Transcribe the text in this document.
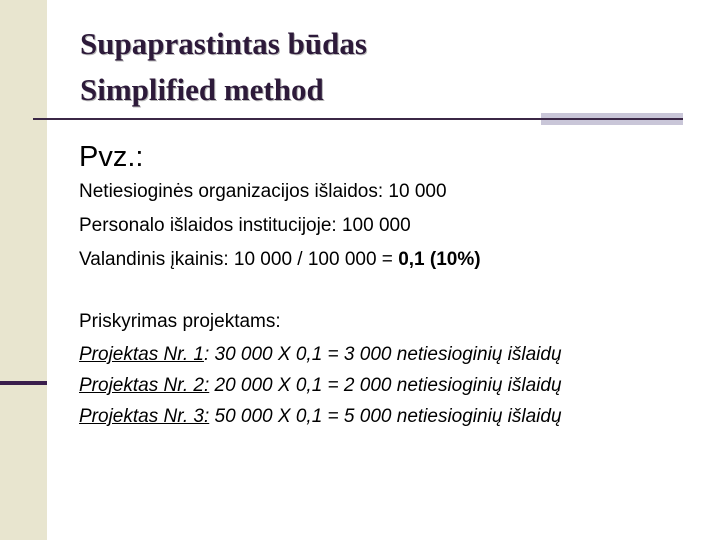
Supaprastintas būdas
Simplified method
Pvz.:
Netiesioginės organizacijos išlaidos: 10 000
Personalo išlaidos institucijoje: 100 000
Valandinis įkainis: 10 000 / 100 000 = 0,1 (10%)
Priskyrimas projektams:
Projektas Nr. 1: 30 000 X 0,1 = 3 000 netiesioginių išlaidų
Projektas Nr. 2: 20 000 X 0,1 = 2 000 netiesioginių išlaidų
Projektas Nr. 3: 50 000 X 0,1 = 5 000 netiesioginių išlaidų
